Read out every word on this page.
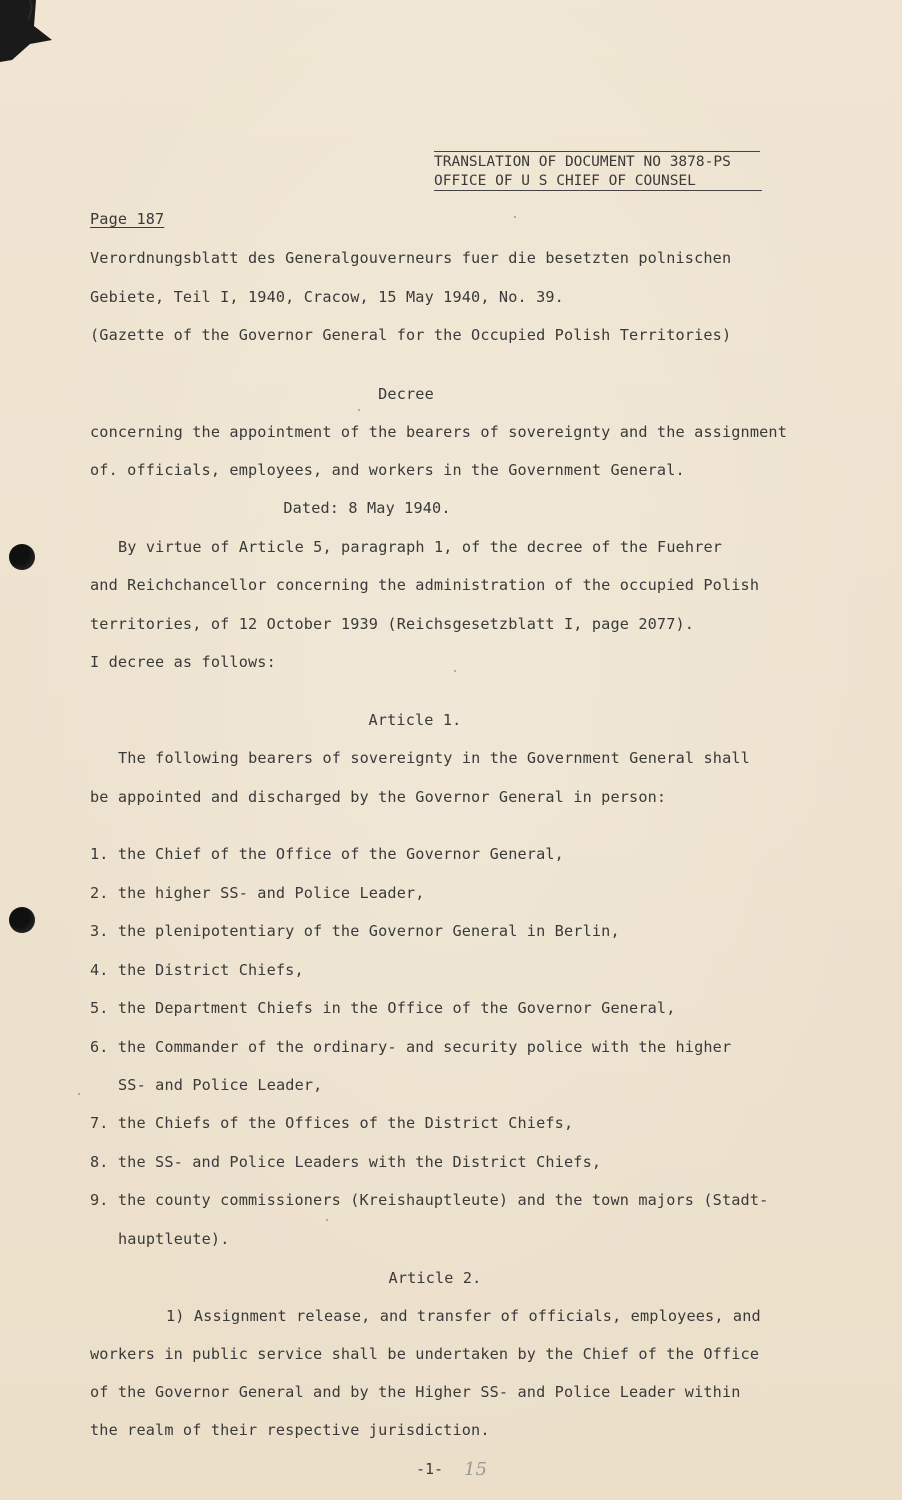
TRANSLATION OF DOCUMENT NO 3878-PS
OFFICE OF U S CHIEF OF COUNSEL
Page 187
Verordnungsblatt des Generalgouverneurs fuer die besetzten polnischen
Gebiete, Teil I, 1940, Cracow, 15 May 1940, No. 39.
(Gazette of the Governor General for the Occupied Polish Territories)
Decree
concerning the appointment of the bearers of sovereignty and the assignment
of. officials, employees, and workers in the Government General.
Dated: 8 May 1940.
By virtue of Article 5, paragraph 1, of the decree of the Fuehrer
and Reichchancellor concerning the administration of the occupied Polish
territories, of 12 October 1939 (Reichsgesetzblatt I, page 2077).
I decree as follows:
Article 1.
The following bearers of sovereignty in the Government General shall
be appointed and discharged by the Governor General in person:
1. the Chief of the Office of the Governor General,
2. the higher SS- and Police Leader,
3. the plenipotentiary of the Governor General in Berlin,
4. the District Chiefs,
5. the Department Chiefs in the Office of the Governor General,
6. the Commander of the ordinary- and security police with the higher
SS- and Police Leader,
7. the Chiefs of the Offices of the District Chiefs,
8. the SS- and Police Leaders with the District Chiefs,
9. the county commissioners (Kreishauptleute) and the town majors (Stadt-
hauptleute).
Article 2.
1) Assignment release, and transfer of officials, employees, and
workers in public service shall be undertaken by the Chief of the Office
of the Governor General and by the Higher SS- and Police Leader within
the realm of their respective jurisdiction.
-1- 15
